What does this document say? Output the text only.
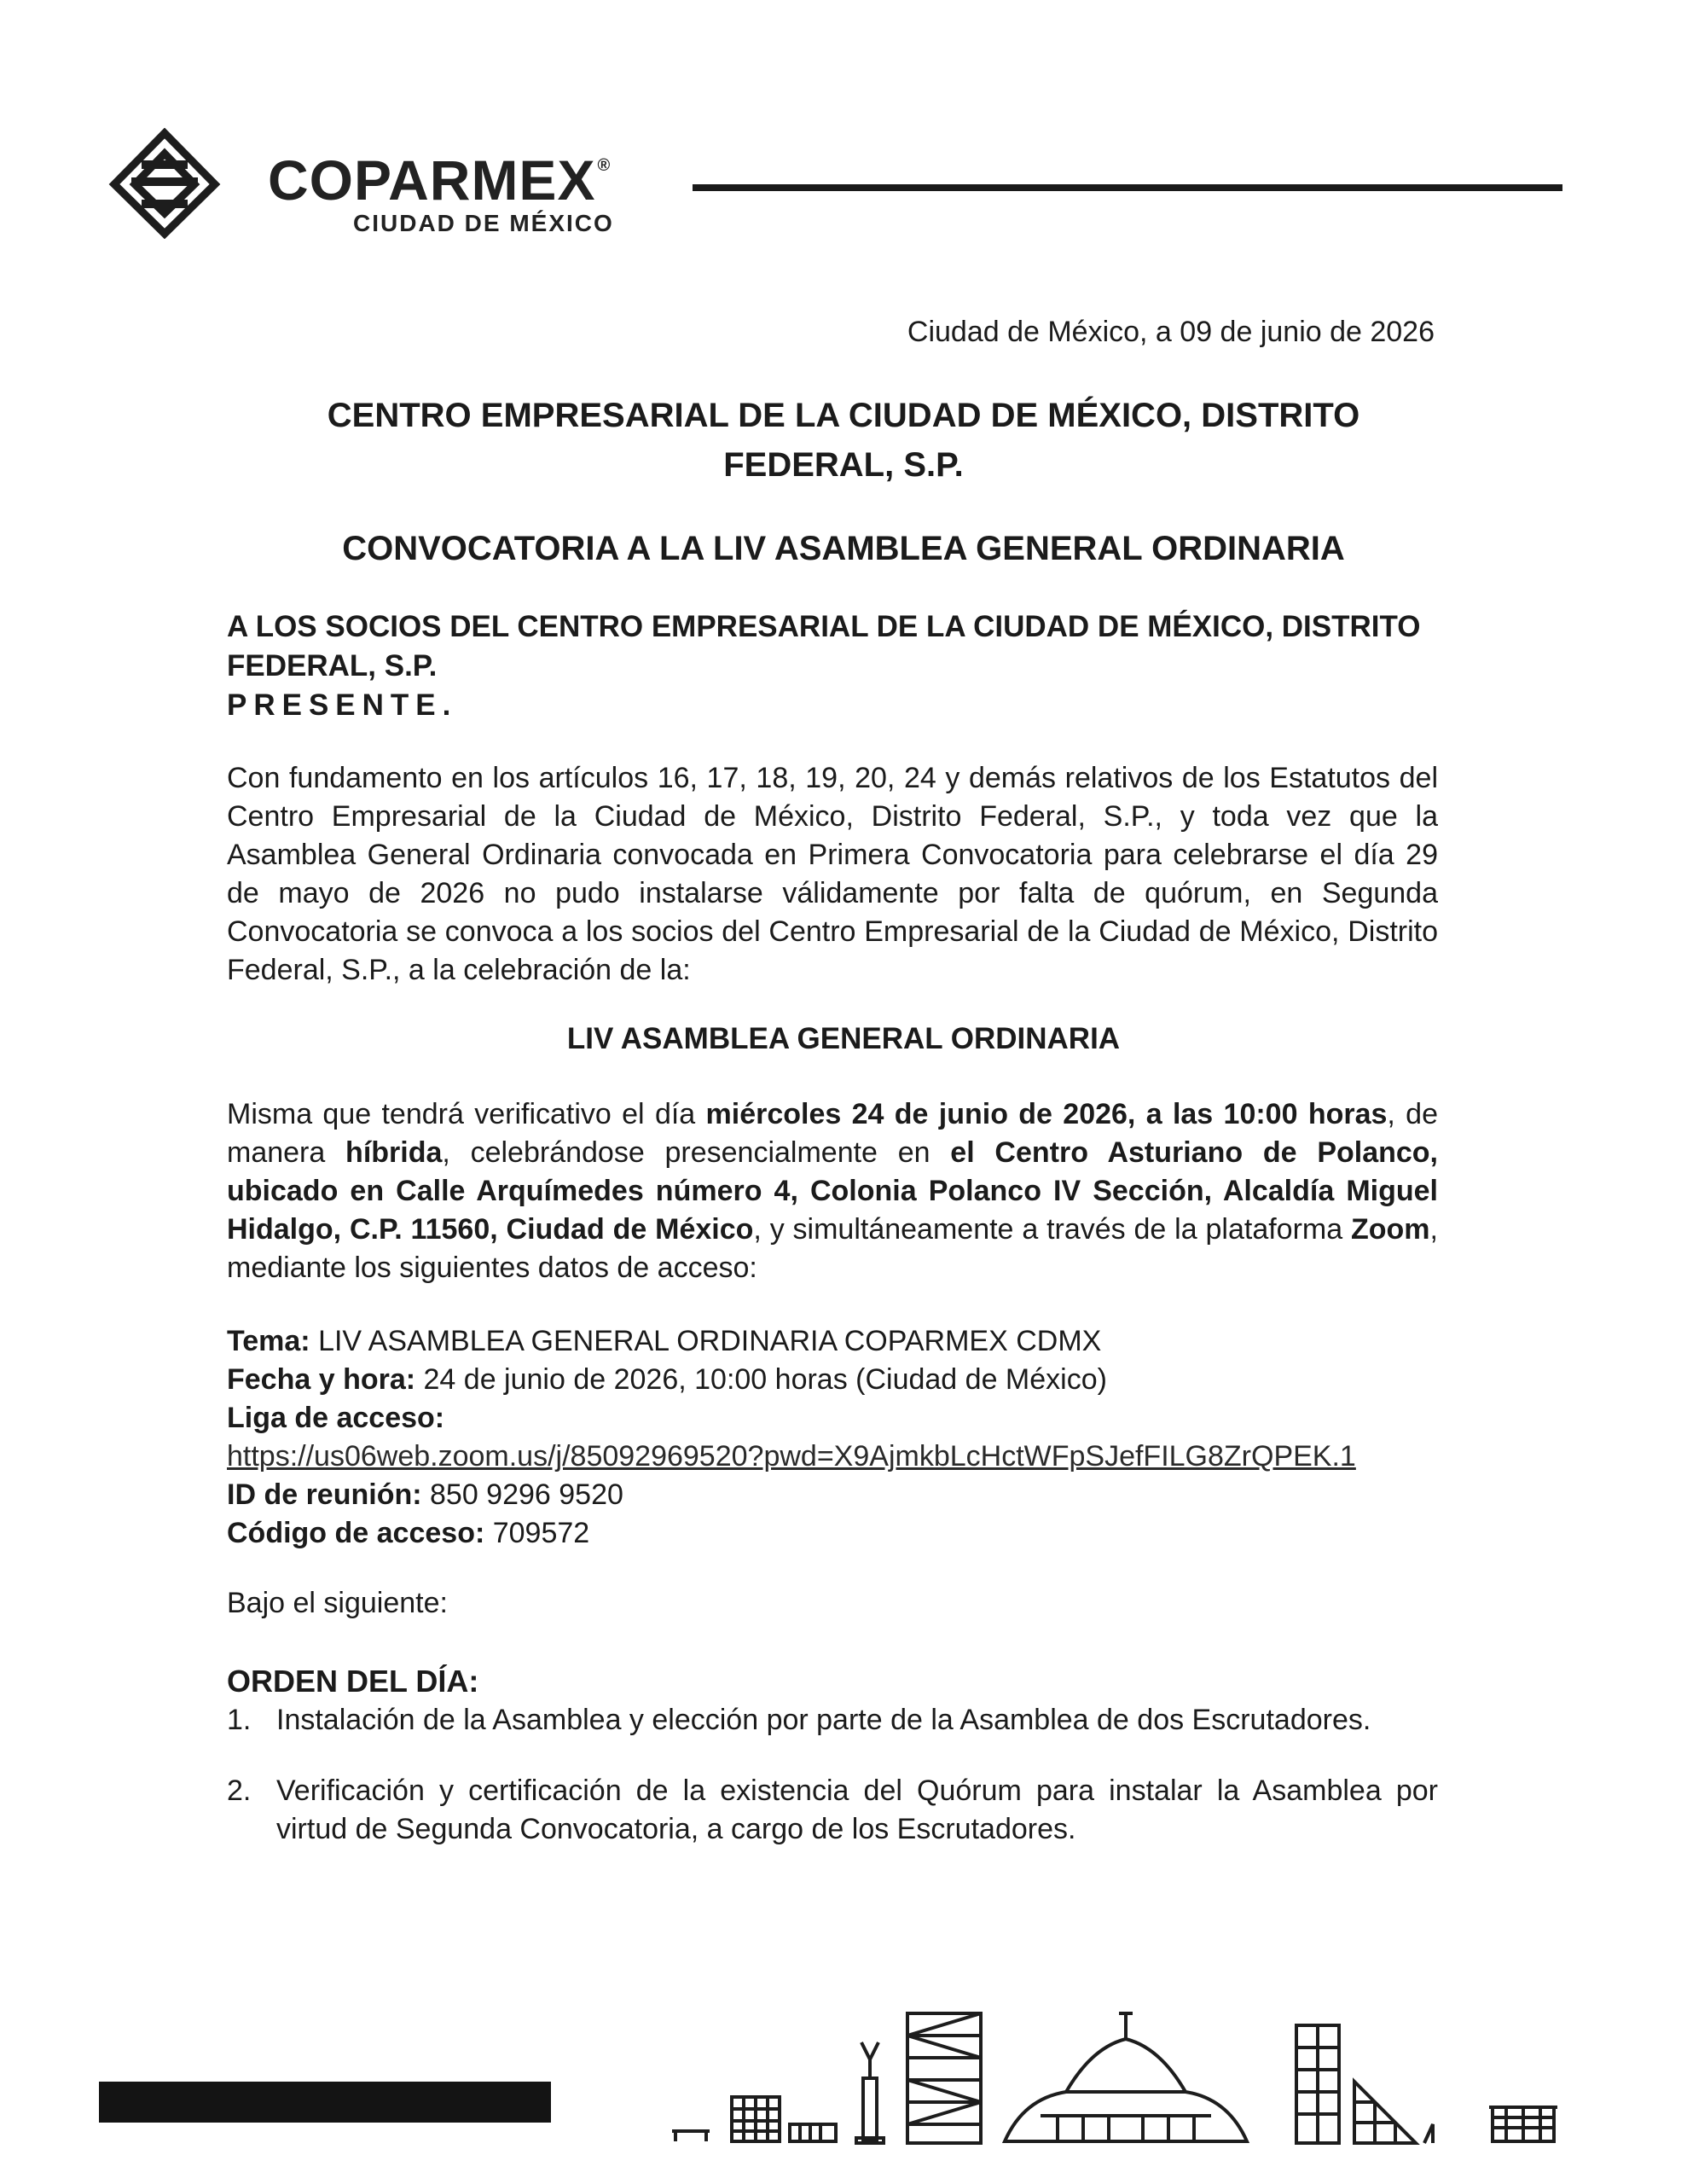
COPARMEX ®
CIUDAD DE MÉXICO
Ciudad de México, a 09 de junio de 2026
CENTRO EMPRESARIAL DE LA CIUDAD DE MÉXICO, DISTRITO
FEDERAL, S.P.
CONVOCATORIA A LA LIV ASAMBLEA GENERAL ORDINARIA
A LOS SOCIOS DEL CENTRO EMPRESARIAL DE LA CIUDAD DE MÉXICO, DISTRITO FEDERAL, S.P.
PRESENTE.
Con fundamento en los artículos 16, 17, 18, 19, 20, 24 y demás relativos de los Estatutos del Centro Empresarial de la Ciudad de México, Distrito Federal, S.P., y toda vez que la Asamblea General Ordinaria convocada en Primera Convocatoria para celebrarse el día 29 de mayo de 2026 no pudo instalarse válidamente por falta de quórum, en Segunda Convocatoria se convoca a los socios del Centro Empresarial de la Ciudad de México, Distrito Federal, S.P., a la celebración de la:
LIV ASAMBLEA GENERAL ORDINARIA
Misma que tendrá verificativo el día miércoles 24 de junio de 2026, a las 10:00 horas, de manera híbrida, celebrándose presencialmente en el Centro Asturiano de Polanco, ubicado en Calle Arquímedes número 4, Colonia Polanco IV Sección, Alcaldía Miguel Hidalgo, C.P. 11560, Ciudad de México, y simultáneamente a través de la plataforma Zoom, mediante los siguientes datos de acceso:
Tema: LIV ASAMBLEA GENERAL ORDINARIA COPARMEX CDMX
Fecha y hora: 24 de junio de 2026, 10:00 horas (Ciudad de México)
Liga de acceso:
https://us06web.zoom.us/j/85092969520?pwd=X9AjmkbLcHctWFpSJefFILG8ZrQPEK.1
ID de reunión: 850 9296 9520
Código de acceso: 709572
Bajo el siguiente:
ORDEN DEL DÍA:
1. Instalación de la Asamblea y elección por parte de la Asamblea de dos Escrutadores.
2. Verificación y certificación de la existencia del Quórum para instalar la Asamblea por virtud de Segunda Convocatoria, a cargo de los Escrutadores.
